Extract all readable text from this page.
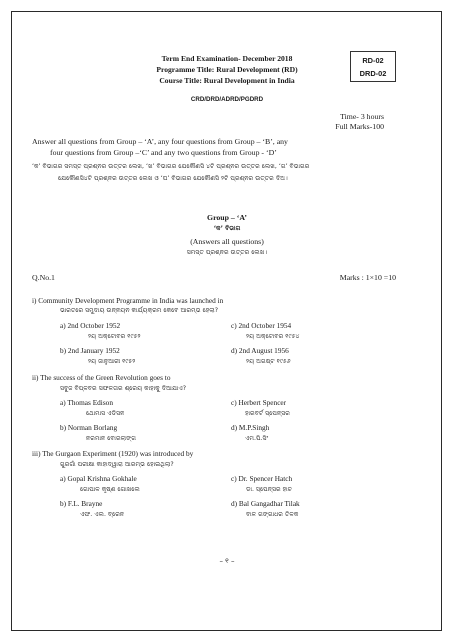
Term End Examination- December 2018
Programme Title: Rural Development (RD)
Course Title: Rural Development in India
RD-02
DRD-02
CRD/DRD/ADRD/PGDRD
Time- 3 hours
Full Marks-100
Answer all questions from Group – ‘A’, any four questions from Group – ‘B’, any
four questions from Group –‘C’ and any two questions from Group - ‘D’
‘କ’ ବିଭାଗର ସମସ୍ତ ପ୍ରଶ୍ନର ଉତ୍ତର ଲେଖ, ‘ଖ’ ବିଭାଗର ଯେକୌଣସି ୪ଟି ପ୍ରଶ୍ନର ଉତ୍ତର ଲେଖ, ‘ଗ’ ବିଭାଗର
ଯେକୌଣସି୪ଟି ପ୍ରଶ୍ନର ଉତ୍ତର ଲେଖ ଓ ‘ଘ’ ବିଭାଗର ଯେକୌଣସି ୨ଟି ପ୍ରଶ୍ନର ଉତ୍ତର ଦିଅ।
Group – ‘A’
‘କ’ ବିଭାଗ
(Answers all questions)
ସମସ୍ତ ପ୍ରଶ୍ନର ଉତ୍ତର ଲେଖ।
Q.No.1	Marks : 1×10 =10
i) Community Development Programme in India was launched in
ଭାରତରେ ସମୁଦାୟ ଉନ୍ନୟନ କାର୍ଯ୍ୟକ୍ରମ କେବେ ଆରମ୍ଭ ହେଲା?
a) 2nd October 1952
୨ୟ ଅକ୍ଟୋବର ୧୯୫୨
c) 2nd October 1954
୨ୟ ଅକ୍ଟୋବର ୧୯୫୪
b) 2nd January 1952
୨ୟ ଜାନୁଆରୀ ୧୯୫୨
d) 2nd August 1956
୨ୟ ଅଗଷ୍ଟ ୧୯୫୬
ii) The success of the Green Revolution goes to
ସବୁଜ ବିପ୍ଳବର ସଫଳତାର ଶ୍ରେୟ କାହାକୁ ଦିଆଯାଏ?
a) Thomas Edison
ଥୋମାସ ଏଡିସନ
c) Herbert Spencer
ହାରବର୍ଟ ସ୍ପେନ୍ସର
b) Norman Borlang
ନରମାନ ବୋରଲାଙ୍ଗ
d) M.P.Singh
ଏମ.ପି.ସିଂ
iii) The Gurgaon Experiment (1920) was introduced by
ଗୁରଗାଁ ପରୀକ୍ଷା କାହାଦ୍ୱାରା ଆରମ୍ଭ ହୋଇଥିଲା?
a) Gopal Krishna Gokhale
ଗୋପାଳ କୃଷ୍ଣ ଗୋଖଲେ
c) Dr. Spencer Hatch
ଡା. ସ୍ପେନ୍ସର ହାଚ
b) F.L. Brayne
ଏଫ. ଏଲ. ବ୍ରେନ
d) Bal Gangadhar Tilak
ବାଳ ଗଙ୍ଗାଧର ତିଳକ
– ୧ –
